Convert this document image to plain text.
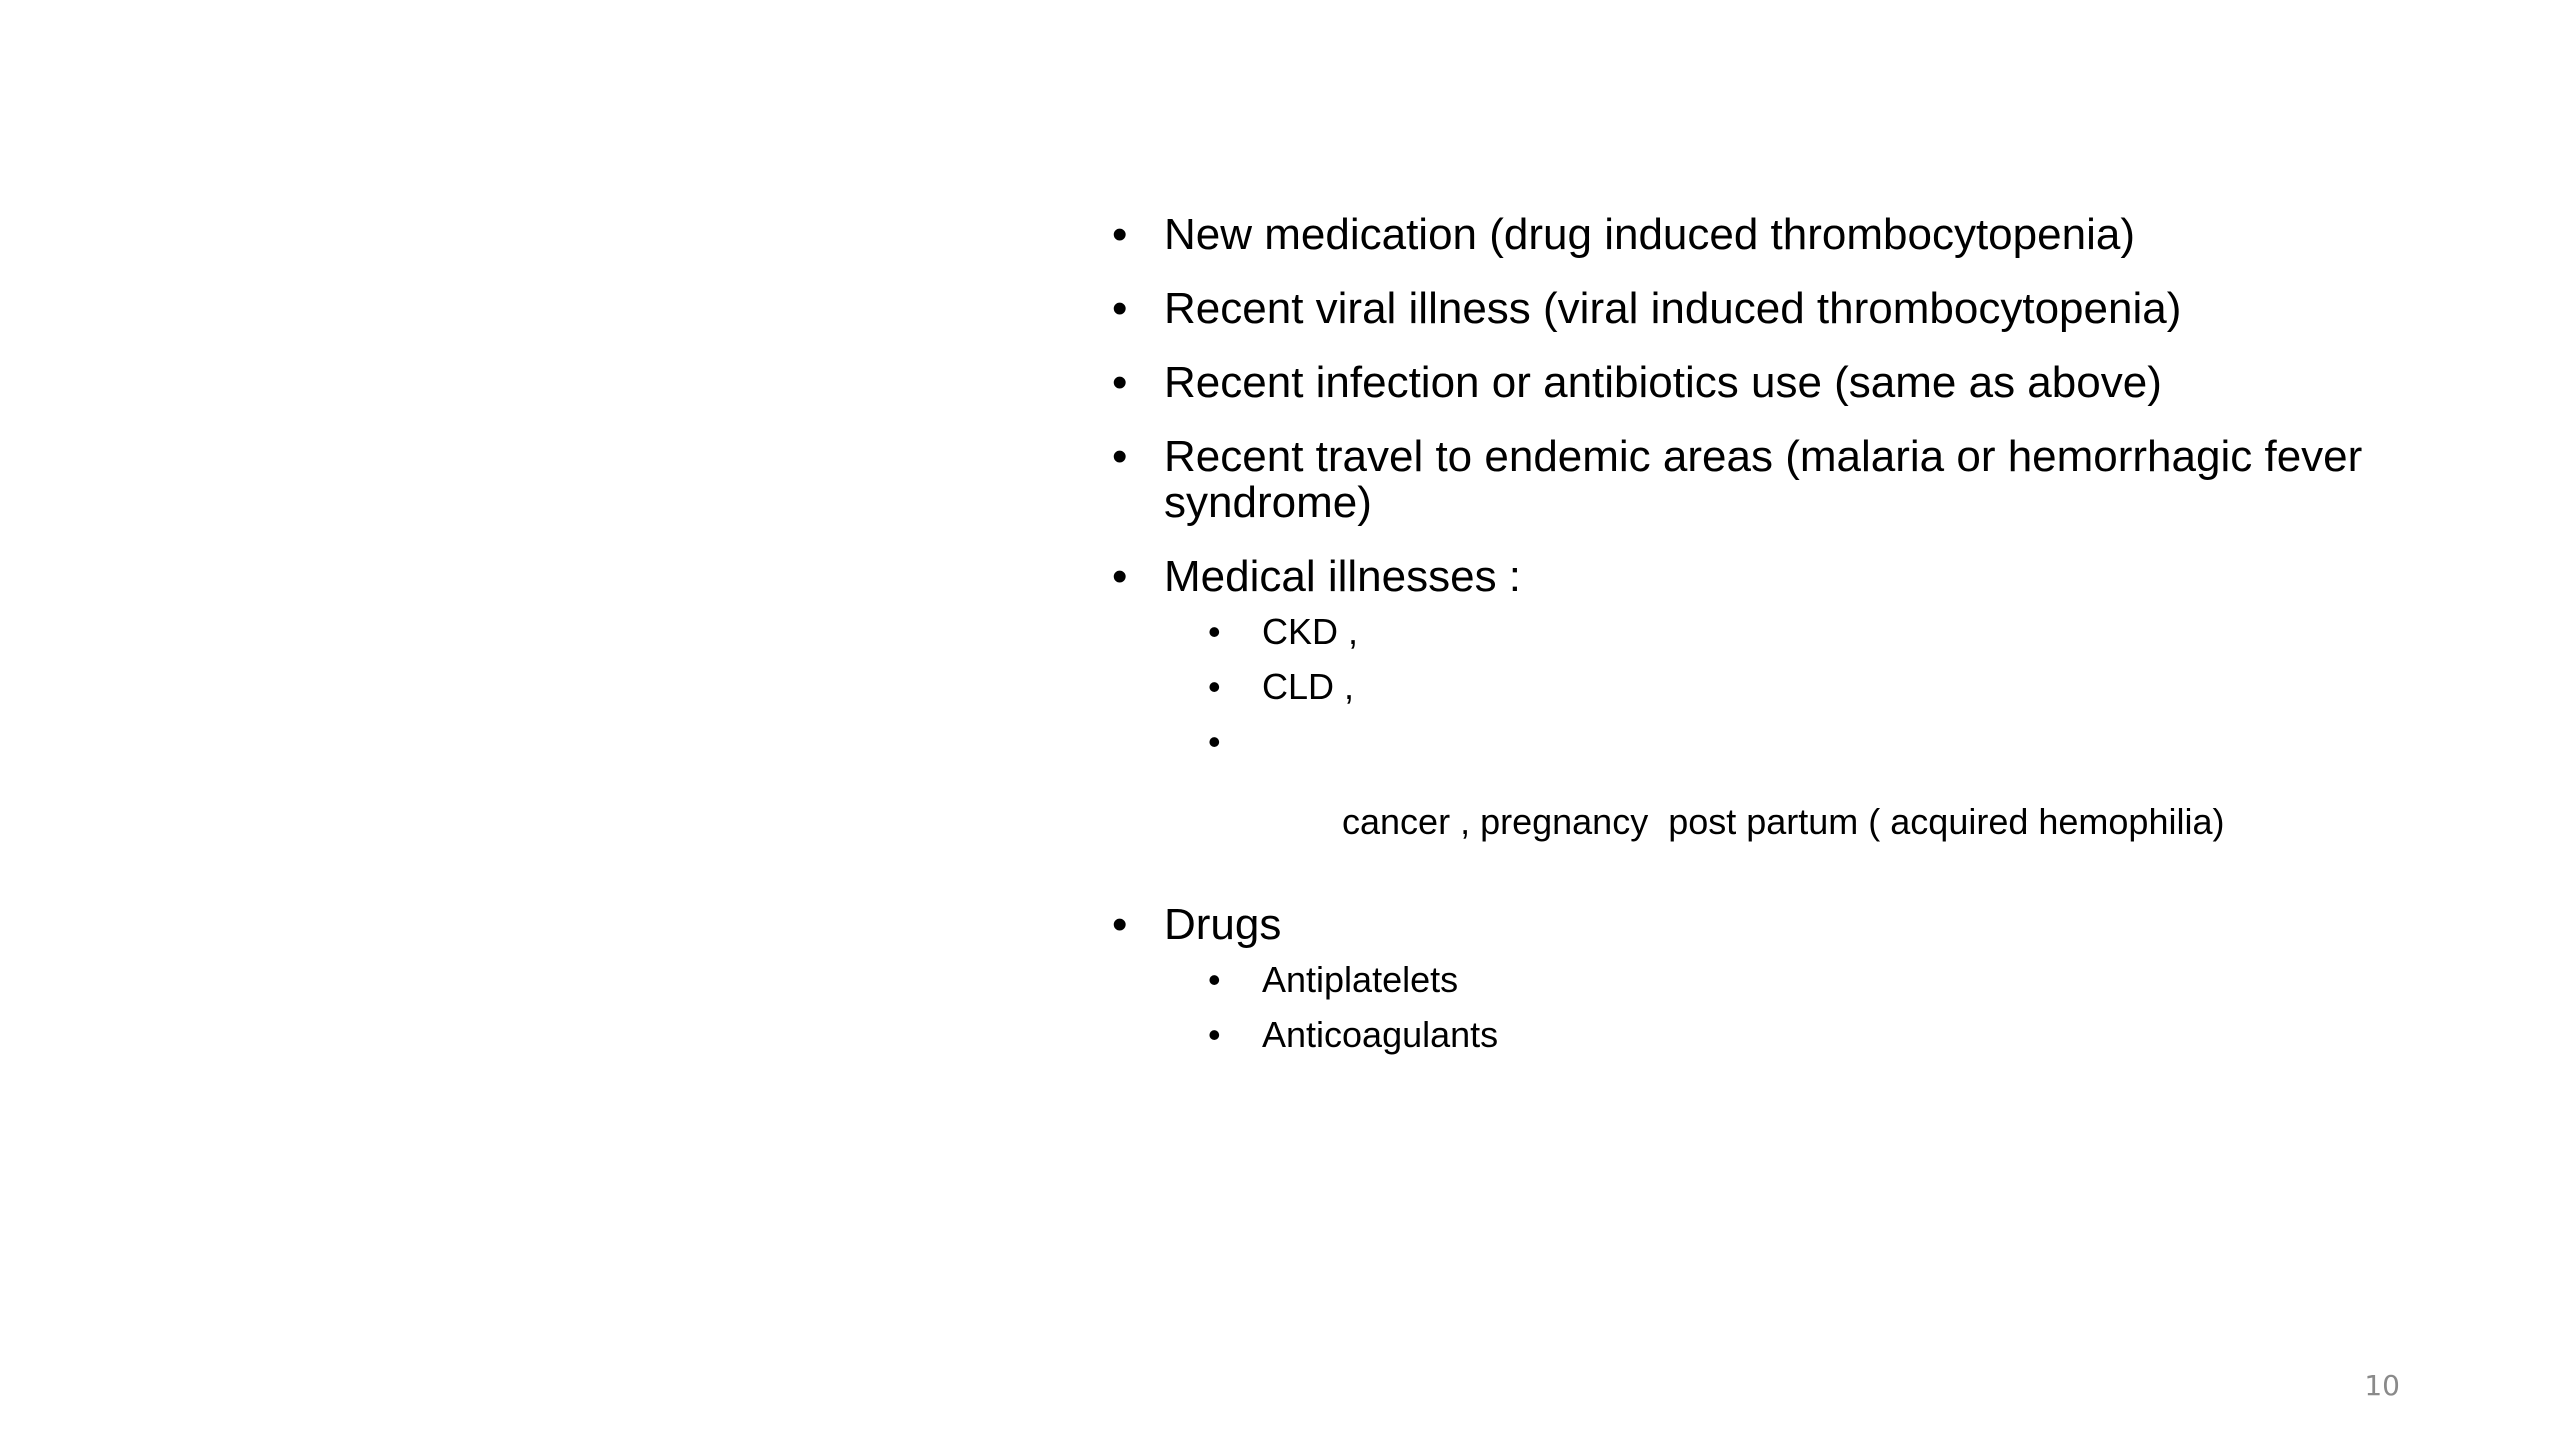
• New medication (drug induced thrombocytopenia)
• Recent viral illness (viral induced thrombocytopenia)
• Recent infection or antibiotics use (same as above)
• Recent travel to endemic areas (malaria or hemorrhagic fever syndrome)
• Medical illnesses :
• CKD ,
• CLD ,

•

cancer , pregnancy  post partum ( acquired hemophilia)

• Drugs
• Antiplatelets
• Anticoagulants
10
